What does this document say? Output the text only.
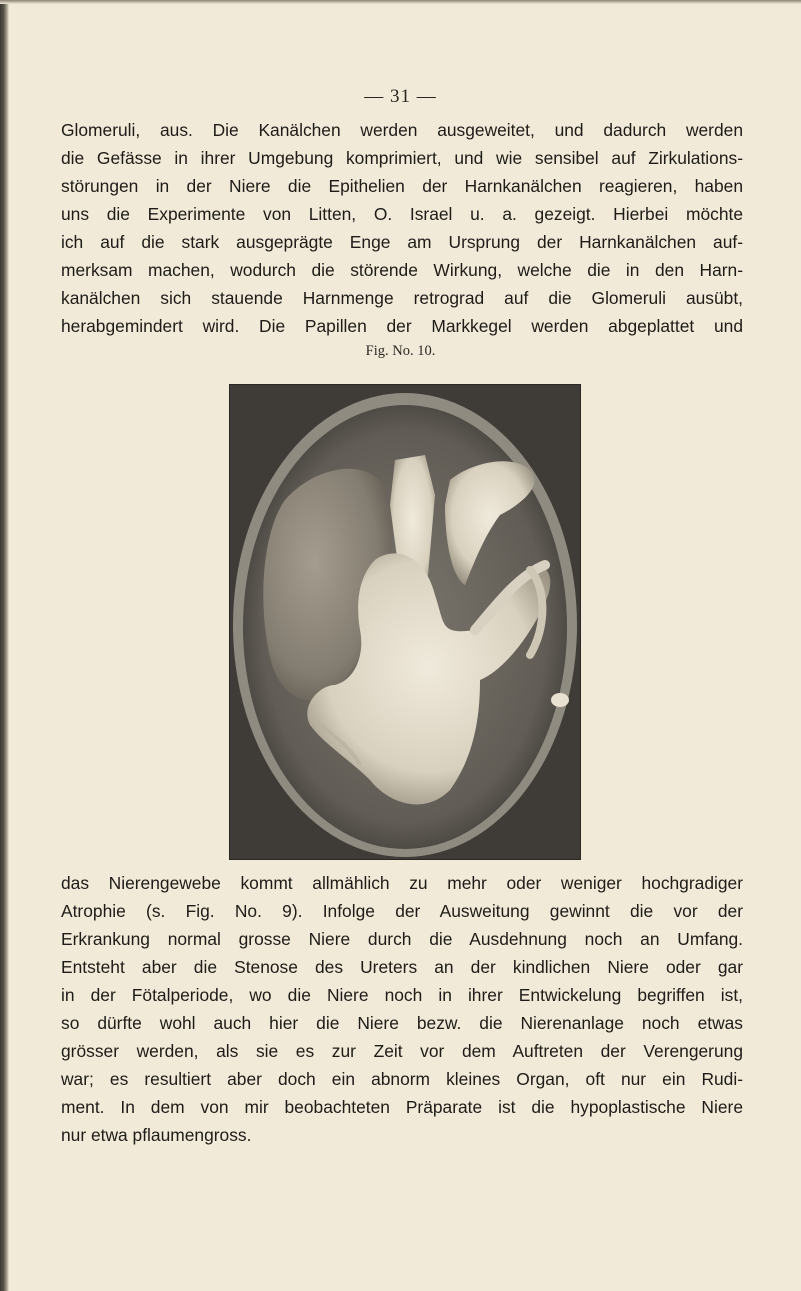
— 31 —
Glomeruli, aus. Die Kanälchen werden ausgeweitet, und dadurch werden
die Gefässe in ihrer Umgebung komprimiert, und wie sensibel auf Zirkulations-
störungen in der Niere die Epithelien der Harnkanälchen reagieren, haben
uns die Experimente von Litten, O. Israel u. a. gezeigt. Hierbei möchte
ich auf die stark ausgeprägte Enge am Ursprung der Harnkanälchen auf-
merksam machen, wodurch die störende Wirkung, welche die in den Harn-
kanälchen sich stauende Harnmenge retrograd auf die Glomeruli ausübt,
herabgemindert wird. Die Papillen der Markkegel werden abgeplattet und
Fig. No. 10.
das Nierengewebe kommt allmählich zu mehr oder weniger hochgradiger
Atrophie (s. Fig. No. 9). Infolge der Ausweitung gewinnt die vor der
Erkrankung normal grosse Niere durch die Ausdehnung noch an Umfang.
Entsteht aber die Stenose des Ureters an der kindlichen Niere oder gar
in der Fötalperiode, wo die Niere noch in ihrer Entwickelung begriffen ist,
so dürfte wohl auch hier die Niere bezw. die Nierenanlage noch etwas
grösser werden, als sie es zur Zeit vor dem Auftreten der Verengerung
war; es resultiert aber doch ein abnorm kleines Organ, oft nur ein Rudi-
ment. In dem von mir beobachteten Präparate ist die hypoplastische Niere
nur etwa pflaumengross.
